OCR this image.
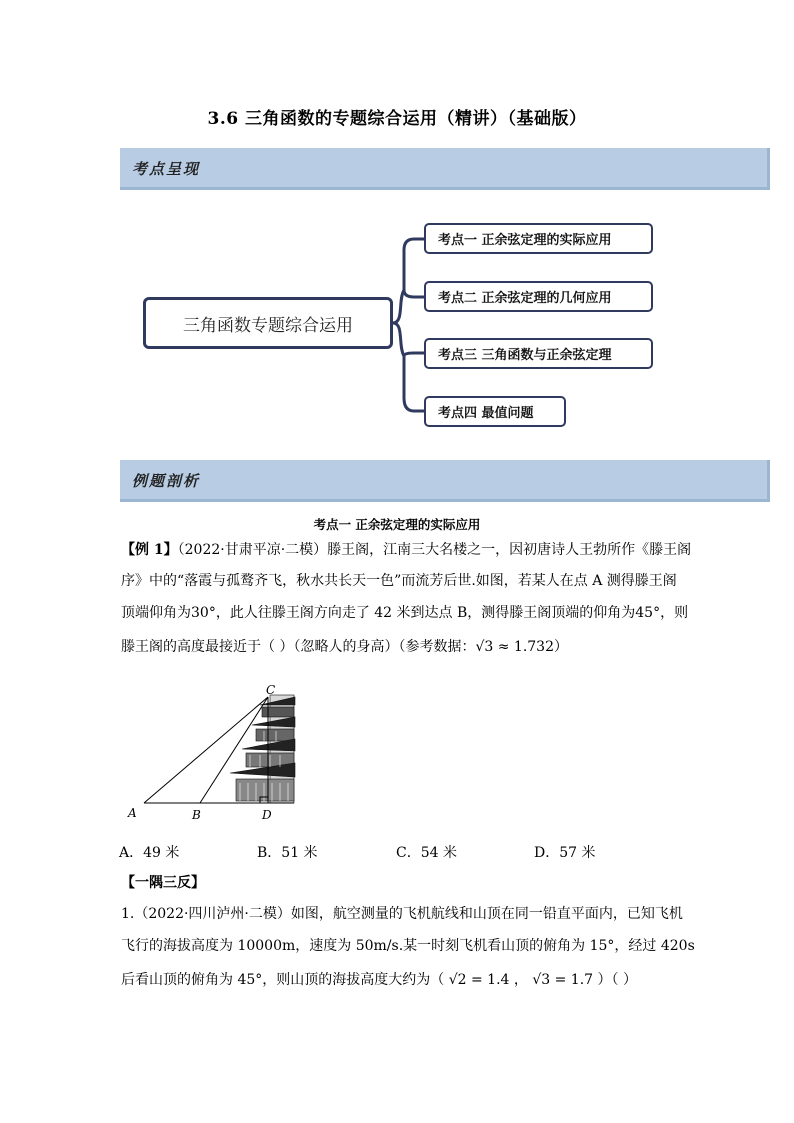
3.6 三角函数的专题综合运用（精讲）（基础版）
考点呈现
三角函数专题综合运用
考点一 正余弦定理的实际应用
考点二 正余弦定理的几何应用
考点三 三角函数与正余弦定理
考点四 最值问题
例题剖析
考点一 正余弦定理的实际应用
【例 1】（2022·甘肃平凉·二模）滕王阁，江南三大名楼之一，因初唐诗人王勃所作《滕王阁
序》中的“落霞与孤鹜齐飞，秋水共长天一色”而流芳后世.如图，若某人在点 A 测得滕王阁
顶端仰角为30°，此人往滕王阁方向走了 42 米到达点 B，测得滕王阁顶端的仰角为45°，则
滕王阁的高度最接近于（ ）（忽略人的身高）（参考数据：√3 ≈ 1.732）
A	B
C
D
A．49 米	B．51 米	C．54 米	D．57 米
【一隅三反】
1.（2022·四川泸州·二模）如图，航空测量的飞机航线和山顶在同一铅直平面内，已知飞机
飞行的海拔高度为 10000m，速度为 50m/s.某一时刻飞机看山顶的俯角为 15°，经过 420s
后看山顶的俯角为 45°，则山顶的海拔高度大约为（ √2 = 1.4 ， √3 = 1.7 ）（ ）
